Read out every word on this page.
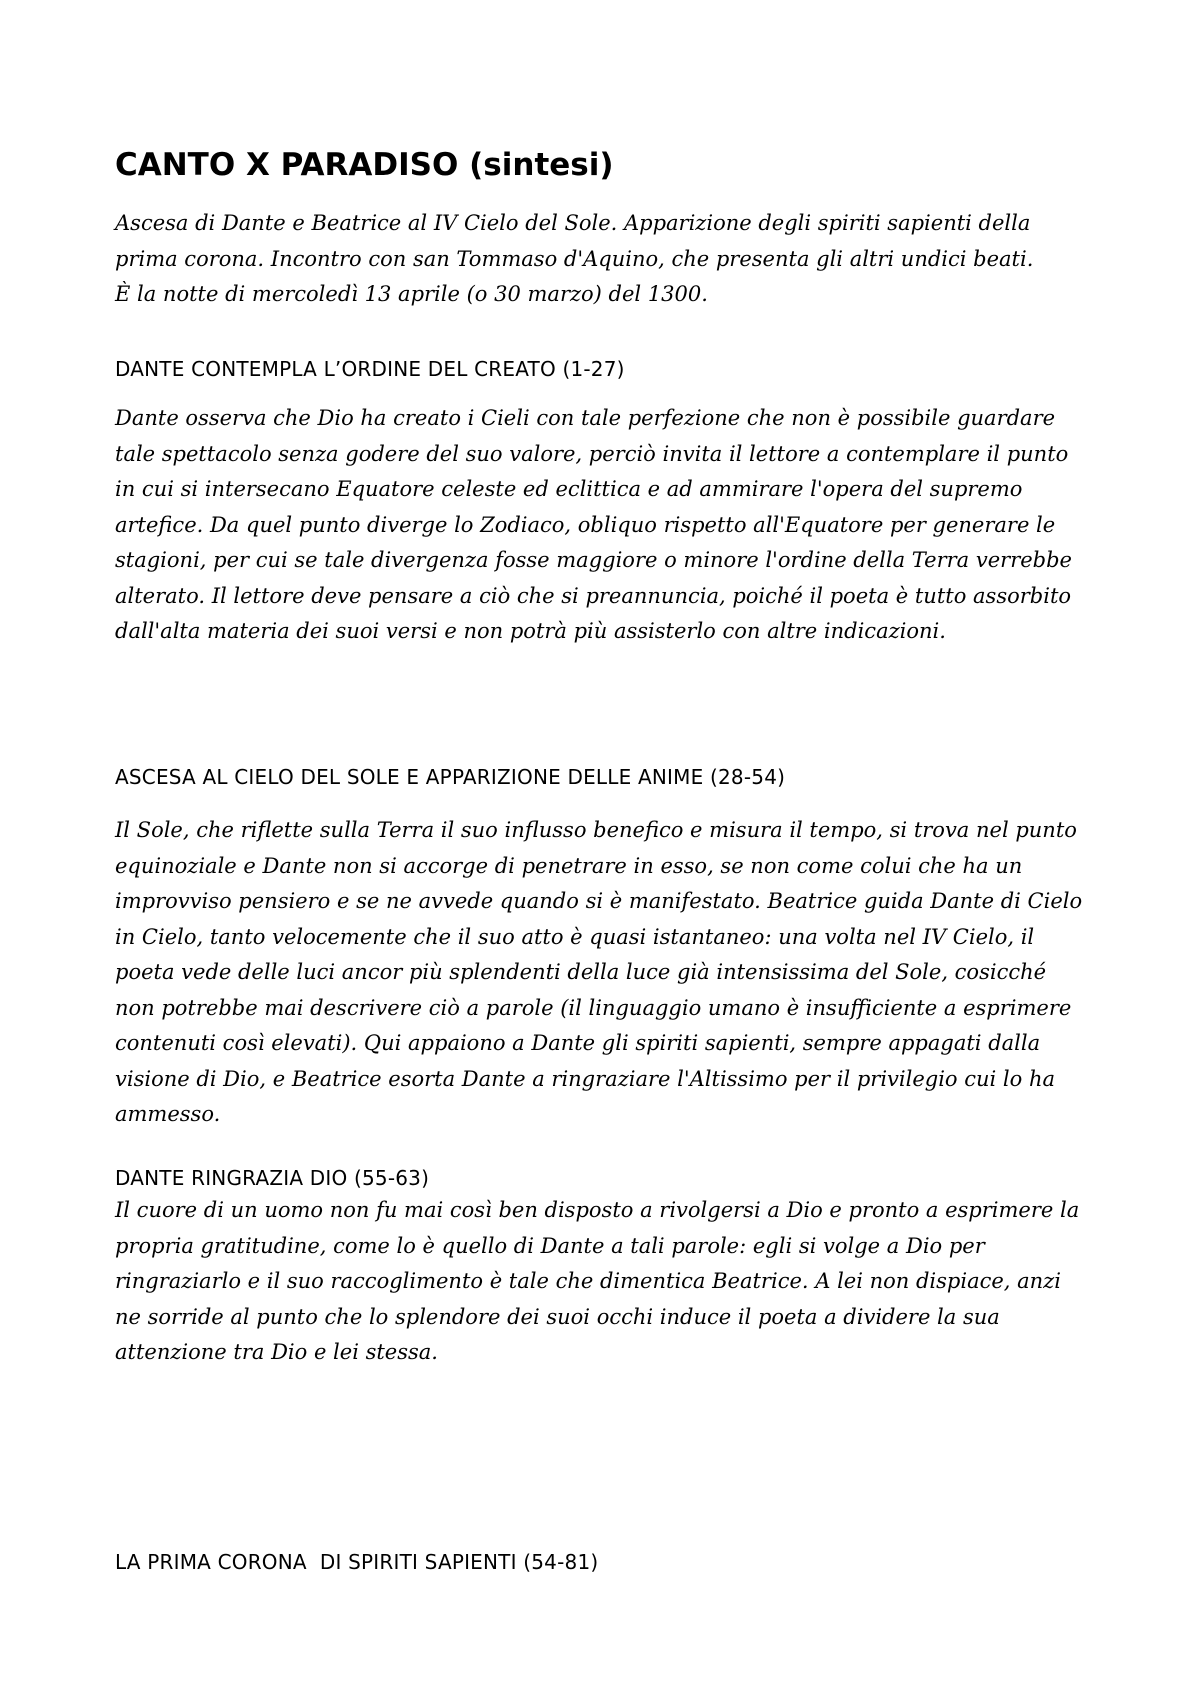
CANTO X PARADISO (sintesi)

Ascesa di Dante e Beatrice al IV Cielo del Sole. Apparizione degli spiriti sapienti della
prima corona. Incontro con san Tommaso d'Aquino, che presenta gli altri undici beati.
È la notte di mercoledì 13 aprile (o 30 marzo) del 1300.

DANTE CONTEMPLA L’ORDINE DEL CREATO (1-27)

Dante osserva che Dio ha creato i Cieli con tale perfezione che non è possibile guardare
tale spettacolo senza godere del suo valore, perciò invita il lettore a contemplare il punto
in cui si intersecano Equatore celeste ed eclittica e ad ammirare l'opera del supremo
artefice. Da quel punto diverge lo Zodiaco, obliquo rispetto all'Equatore per generare le
stagioni, per cui se tale divergenza fosse maggiore o minore l'ordine della Terra verrebbe
alterato. Il lettore deve pensare a ciò che si preannuncia, poiché il poeta è tutto assorbito
dall'alta materia dei suoi versi e non potrà più assisterlo con altre indicazioni.

ASCESA AL CIELO DEL SOLE E APPARIZIONE DELLE ANIME (28-54)

Il Sole, che riflette sulla Terra il suo influsso benefico e misura il tempo, si trova nel punto
equinoziale e Dante non si accorge di penetrare in esso, se non come colui che ha un
improvviso pensiero e se ne avvede quando si è manifestato. Beatrice guida Dante di Cielo
in Cielo, tanto velocemente che il suo atto è quasi istantaneo: una volta nel IV Cielo, il
poeta vede delle luci ancor più splendenti della luce già intensissima del Sole, cosicché
non potrebbe mai descrivere ciò a parole (il linguaggio umano è insufficiente a esprimere
contenuti così elevati). Qui appaiono a Dante gli spiriti sapienti, sempre appagati dalla
visione di Dio, e Beatrice esorta Dante a ringraziare l'Altissimo per il privilegio cui lo ha
ammesso.

DANTE RINGRAZIA DIO (55-63)

Il cuore di un uomo non fu mai così ben disposto a rivolgersi a Dio e pronto a esprimere la
propria gratitudine, come lo è quello di Dante a tali parole: egli si volge a Dio per
ringraziarlo e il suo raccoglimento è tale che dimentica Beatrice. A lei non dispiace, anzi
ne sorride al punto che lo splendore dei suoi occhi induce il poeta a dividere la sua
attenzione tra Dio e lei stessa.

LA PRIMA CORONA  DI SPIRITI SAPIENTI (54-81)
